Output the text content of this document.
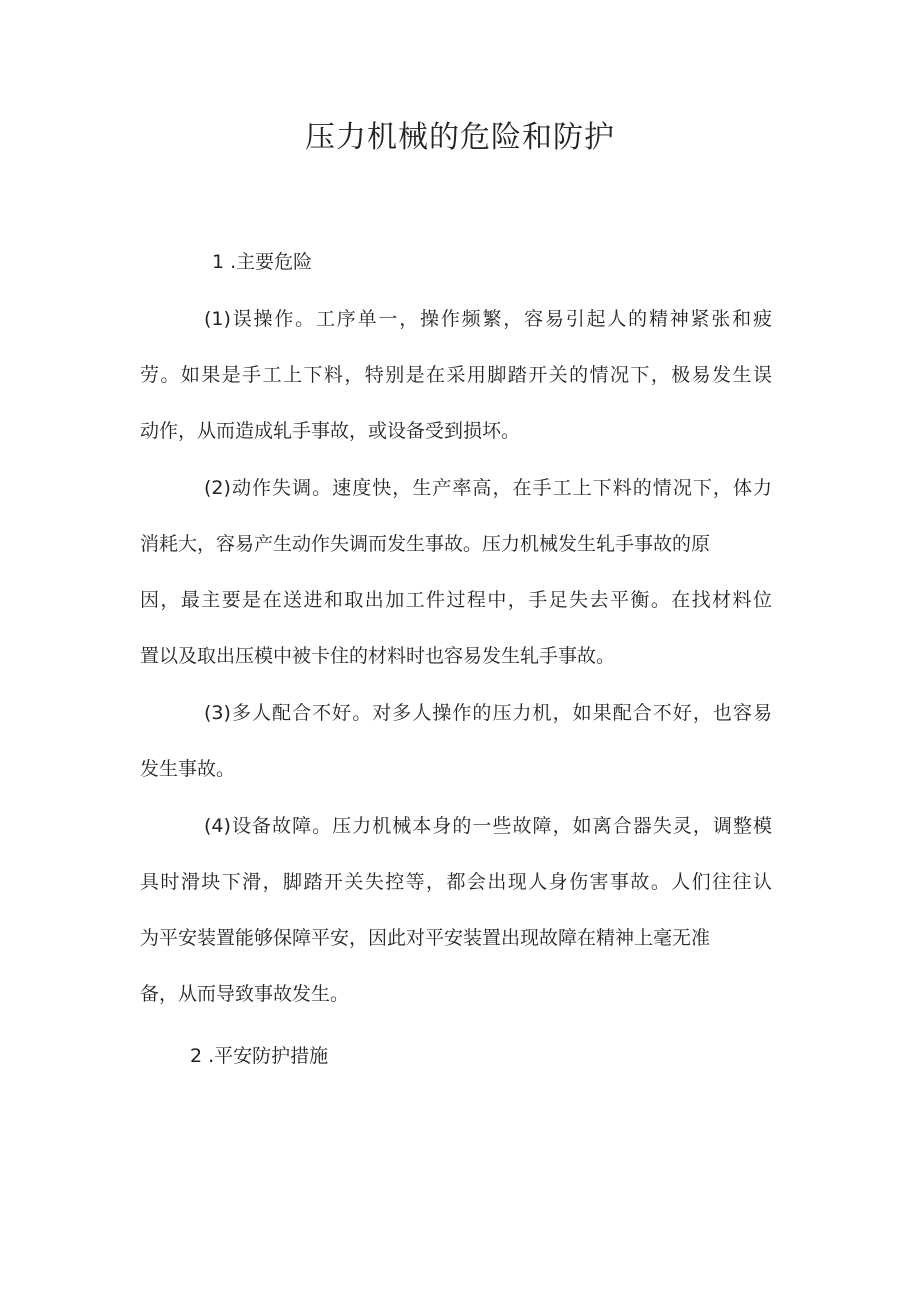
压力机械的危险和防护
1 .主要危险
(1)误操作。工序单一，操作频繁，容易引起人的精神紧张和疲
劳。如果是手工上下料，特别是在采用脚踏开关的情况下，极易发生误
动作，从而造成轧手事故，或设备受到损坏。
(2)动作失调。速度快，生产率高，在手工上下料的情况下，体力
消耗大，容易产生动作失调而发生事故。压力机械发生轧手事故的原
因，最主要是在送进和取出加工件过程中，手足失去平衡。在找材料位
置以及取出压模中被卡住的材料时也容易发生轧手事故。
(3)多人配合不好。对多人操作的压力机，如果配合不好，也容易
发生事故。
(4)设备故障。压力机械本身的一些故障，如离合器失灵，调整模
具时滑块下滑，脚踏开关失控等，都会出现人身伤害事故。人们往往认
为平安装置能够保障平安，因此对平安装置出现故障在精神上毫无准
备，从而导致事故发生。
2 .平安防护措施
